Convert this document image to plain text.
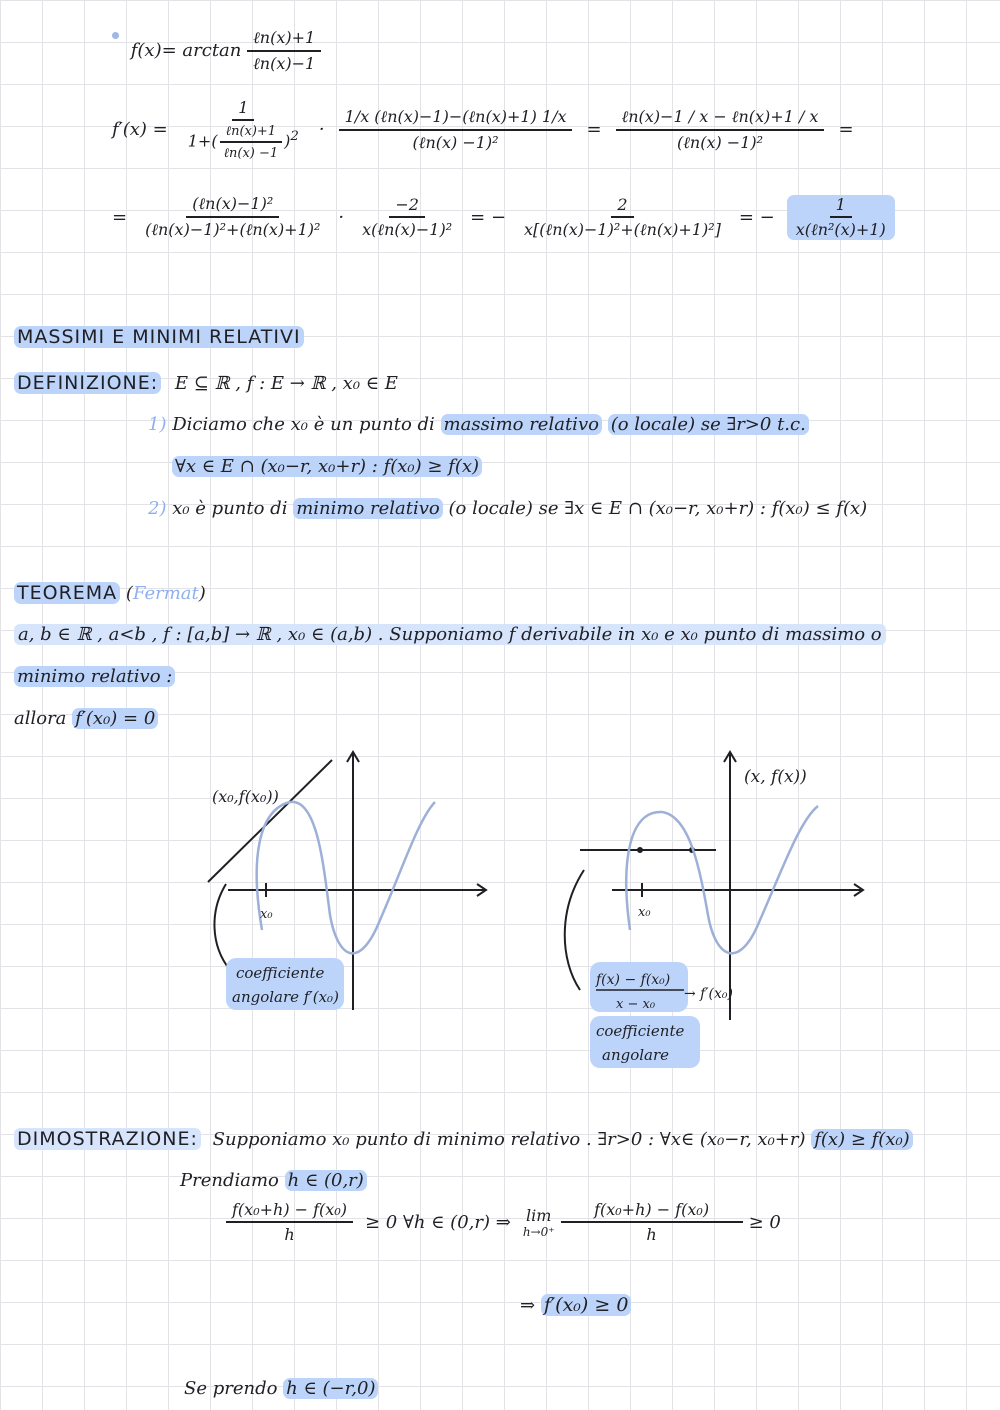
$f(x)= \arctan \frac{\text{ℓn(x)+1}}{\text{ℓn(x)−1}}$
$f'(x) = \frac{1}{1+( \frac{\text{ℓn(x)+1}}{\text{ℓn(x) −1}} )^2} \cdot \frac{\text{1/x (ℓn(x)−1)−(ℓn(x)+1) 1/x}}{\text{(ℓn(x) −1)²}} = \frac{\text{ℓn(x)−1 / x − ℓn(x)+1 / x}}{\text{(ℓn(x) −1)²}}$ =
= $\frac{\text{(ℓn(x)−1)²}}{\text{(ℓn(x)−1)²+(ℓn(x)+1)²}} \cdot \frac{-2}{\text{x(ℓn(x)−1)²}}$ = − $\frac{2}{\text{x[(ℓn(x)−1)²+(ℓn(x)+1)²]}}$ = − $\frac{1}{\text{x(ℓn²(x)+1)}}$
MASSIMI E MINIMI RELATIVI
DEFINIZIONE: E ⊆ ℝ , f : E → ℝ , x₀ ∈ E
1) Diciamo che x₀ è un punto di massimo relativo (o locale) se ∃r>0 t.c.
∀x ∈ E ∩ (x₀−r, x₀+r) : f(x₀) ≥ f(x)
2) x₀ è punto di minimo relativo (o locale) se ∃x ∈ E ∩ (x₀−r, x₀+r) : f(x₀) ≤ f(x)
TEOREMA (Fermat)
a, b ∈ ℝ , a<b , f : [a,b] → ℝ , x₀ ∈ (a,b) . Supponiamo f derivabile in x₀ e x₀ punto di massimo o
minimo relativo :
allora f′(x₀) = 0
(x₀,f(x₀))
x₀
coefficiente
angolare f′(x₀)
(x, f(x))
x₀
f(x) − f(x₀)
x − x₀
→ f′(x₀)
coefficiente
angolare
DIMOSTRAZIONE: Supponiamo x₀ punto di minimo relativo . ∃r>0 : ∀x∈ (x₀−r, x₀+r) f(x) ≥ f(x₀)
Prendiamo h ∈ (0,r)
$\frac{\text{f(x₀+h) − f(x₀)}}{h} \ge 0$ ∀h ∈ (0,r) ⇒ lim
$h\to 0^+ \frac{\text{f(x₀+h) − f(x₀)}}{h} \ge 0$
⇒ f′(x₀) ≥ 0
Se prendo h ∈ (−r,0)
